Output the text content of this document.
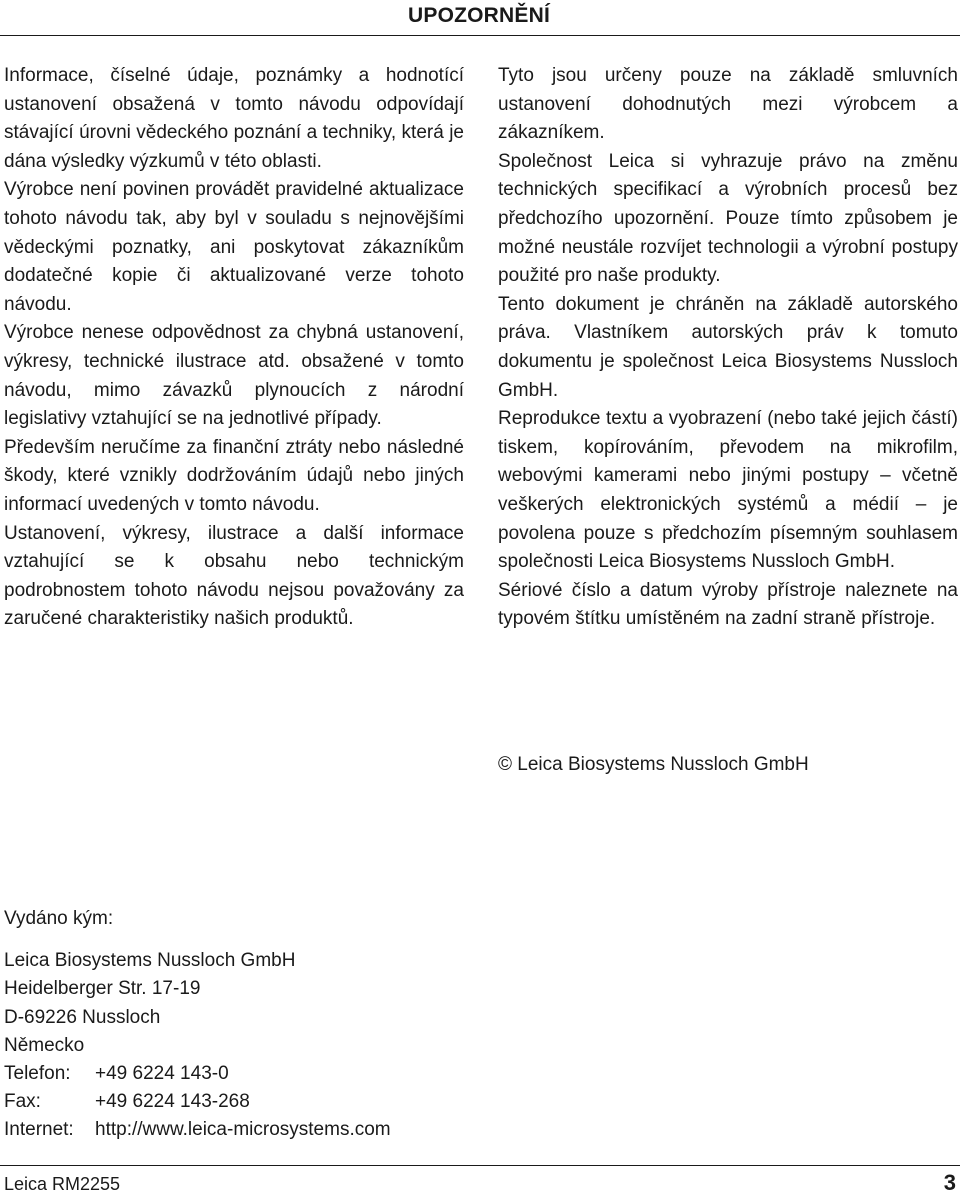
UPOZORNĚNÍ

Informace, číselné údaje, poznámky a hodnotící ustanovení obsažená v tomto návodu odpovídají stávající úrovni vědeckého poznání a techniky, která je dána výsledky výzkumů v této oblasti.

Výrobce není povinen provádět pravidelné aktualizace tohoto návodu tak, aby byl v souladu s nejnovějšími vědeckými poznatky, ani poskytovat zákazníkům dodatečné kopie či aktualizované verze tohoto návodu.

Výrobce nenese odpovědnost za chybná ustanovení, výkresy, technické ilustrace atd. obsažené v tomto návodu, mimo závazků plynoucích z národní legislativy vztahující se na jednotlivé případy.

Především neručíme za finanční ztráty nebo následné škody, které vznikly dodržováním údajů nebo jiných informací uvedených v tomto návodu.

Ustanovení, výkresy, ilustrace a další informace vztahující se k obsahu nebo technickým podrobnostem tohoto návodu nejsou považovány za zaručené charakteristiky našich produktů.

Tyto jsou určeny pouze na základě smluvních ustanovení dohodnutých mezi výrobcem a zákazníkem.

Společnost Leica si vyhrazuje právo na změnu technických specifikací a výrobních procesů bez předchozího upozornění. Pouze tímto způsobem je možné neustále rozvíjet technologii a výrobní postupy použité pro naše produkty.

Tento dokument je chráněn na základě autorského práva. Vlastníkem autorských práv k tomuto dokumentu je společnost Leica Biosystems Nussloch GmbH.

Reprodukce textu a vyobrazení (nebo také jejich částí) tiskem, kopírováním, převodem na mikrofilm, webovými kamerami nebo jinými postupy – včetně veškerých elektronických systémů a médií – je povolena pouze s předchozím písemným souhlasem společnosti Leica Biosystems Nussloch GmbH.

Sériové číslo a datum výroby přístroje naleznete na typovém štítku umístěném na zadní straně přístroje.

© Leica Biosystems Nussloch GmbH
Vydáno kým:
Leica Biosystems Nussloch GmbH
Heidelberger Str. 17-19
D-69226 Nussloch
Německo
Telefon:	+49 6224 143-0
Fax:	+49 6224 143-268
Internet:	http://www.leica-microsystems.com
Leica RM2255	3
